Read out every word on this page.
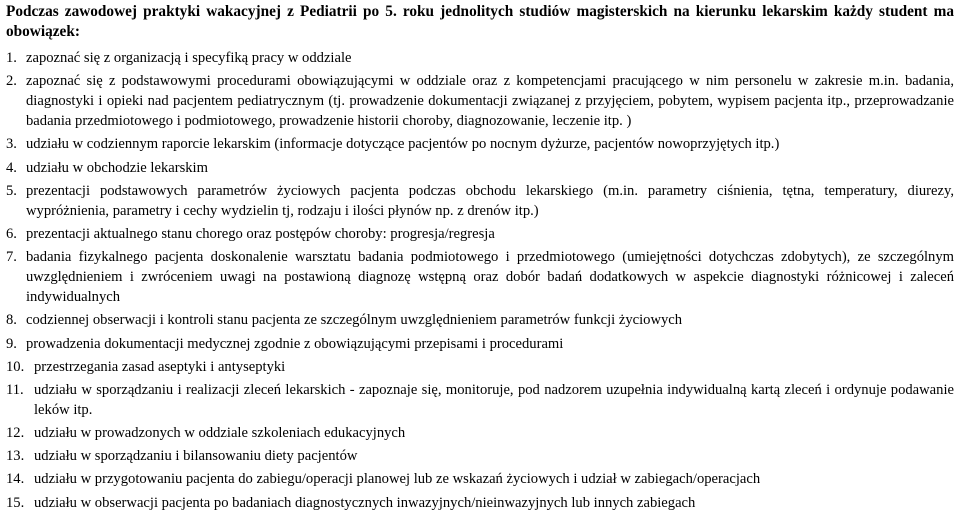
Podczas zawodowej praktyki wakacyjnej z Pediatrii po 5. roku jednolitych studiów magisterskich na kierunku lekarskim każdy student ma obowiązek:

1. zapoznać się z organizacją i specyfiką pracy w oddziale
2. zapoznać się z podstawowymi procedurami obowiązującymi w oddziale oraz z kompetencjami pracującego w nim personelu w zakresie m.in. badania, diagnostyki i opieki nad pacjentem pediatrycznym (tj. prowadzenie dokumentacji związanej z przyjęciem, pobytem, wypisem pacjenta itp., przeprowadzanie badania przedmiotowego i podmiotowego, prowadzenie historii choroby, diagnozowanie, leczenie itp. )
3. udziału w codziennym raporcie lekarskim (informacje dotyczące pacjentów po nocnym dyżurze, pacjentów nowoprzyjętych itp.)
4. udziału w obchodzie lekarskim
5. prezentacji podstawowych parametrów życiowych pacjenta podczas obchodu lekarskiego (m.in. parametry ciśnienia, tętna, temperatury, diurezy, wypróżnienia, parametry i cechy wydzielin tj, rodzaju i ilości płynów np. z drenów itp.)
6. prezentacji aktualnego stanu chorego oraz postępów choroby: progresja/regresja
7. badania fizykalnego pacjenta doskonalenie warsztatu badania podmiotowego i przedmiotowego (umiejętności dotychczas zdobytych), ze szczególnym uwzględnieniem i zwróceniem uwagi na postawioną diagnozę wstępną oraz dobór badań dodatkowych w aspekcie diagnostyki różnicowej i zaleceń indywidualnych
8. codziennej obserwacji i kontroli stanu pacjenta ze szczególnym uwzględnieniem parametrów funkcji życiowych
9. prowadzenia dokumentacji medycznej zgodnie z obowiązującymi przepisami i procedurami
10. przestrzegania zasad aseptyki i antyseptyki
11. udziału w sporządzaniu i realizacji zleceń lekarskich - zapoznaje się, monitoruje, pod nadzorem uzupełnia indywidualną kartą zleceń i ordynuje podawanie leków itp.
12. udziału w prowadzonych w oddziale szkoleniach edukacyjnych
13. udziału w sporządzaniu i bilansowaniu diety pacjentów
14. udziału w przygotowaniu pacjenta do zabiegu/operacji planowej lub ze wskazań życiowych i udział w zabiegach/operacjach
15. udziału w obserwacji pacjenta po badaniach diagnostycznych inwazyjnych/nieinwazyjnych lub innych zabiegach
